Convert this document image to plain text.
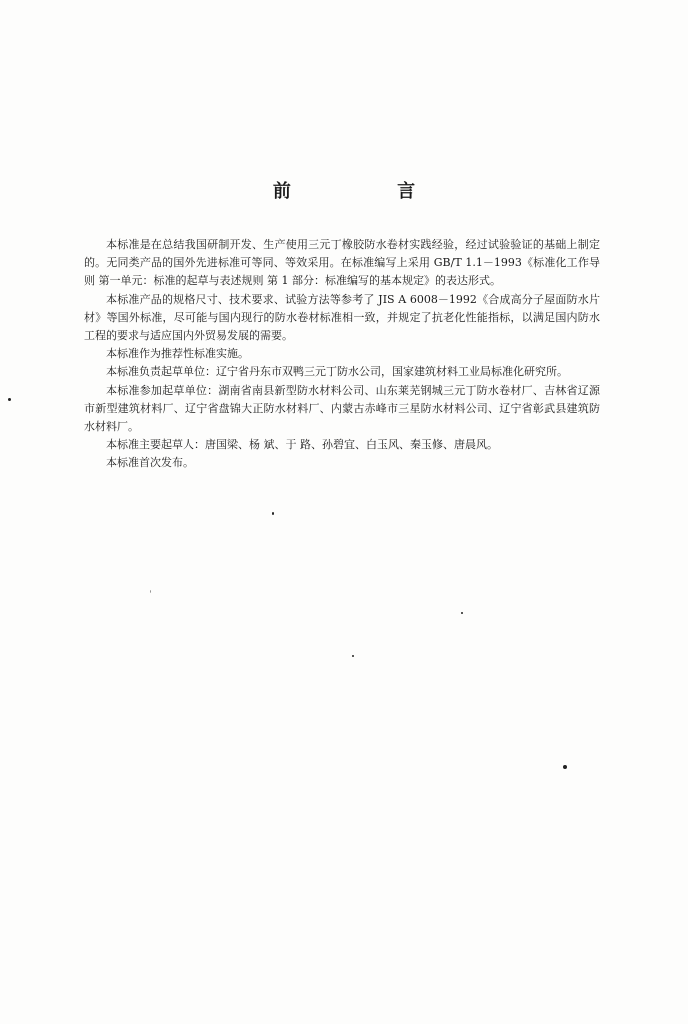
前 言

本标准是在总结我国研制开发、生产使用三元丁橡胶防水卷材实践经验，经过试验验证的基础上制定的。无同类产品的国外先进标准可等同、等效采用。在标准编写上采用 GB/T 1.1－1993《标准化工作导则 第一单元：标准的起草与表述规则 第 1 部分：标准编写的基本规定》的表达形式。

本标准产品的规格尺寸、技术要求、试验方法等参考了 JIS A 6008－1992《合成高分子屋面防水片材》等国外标准，尽可能与国内现行的防水卷材标准相一致，并规定了抗老化性能指标，以满足国内防水工程的要求与适应国内外贸易发展的需要。

本标准作为推荐性标准实施。

本标准负责起草单位：辽宁省丹东市双鸭三元丁防水公司，国家建筑材料工业局标准化研究所。

本标准参加起草单位：湖南省南县新型防水材料公司、山东莱芜钢城三元丁防水卷材厂、吉林省辽源市新型建筑材料厂、辽宁省盘锦大正防水材料厂、内蒙古赤峰市三星防水材料公司、辽宁省彰武县建筑防水材料厂。

本标准主要起草人：唐国梁、杨 斌、于 路、孙碧宜、白玉风、秦玉修、唐晨风。

本标准首次发布。
